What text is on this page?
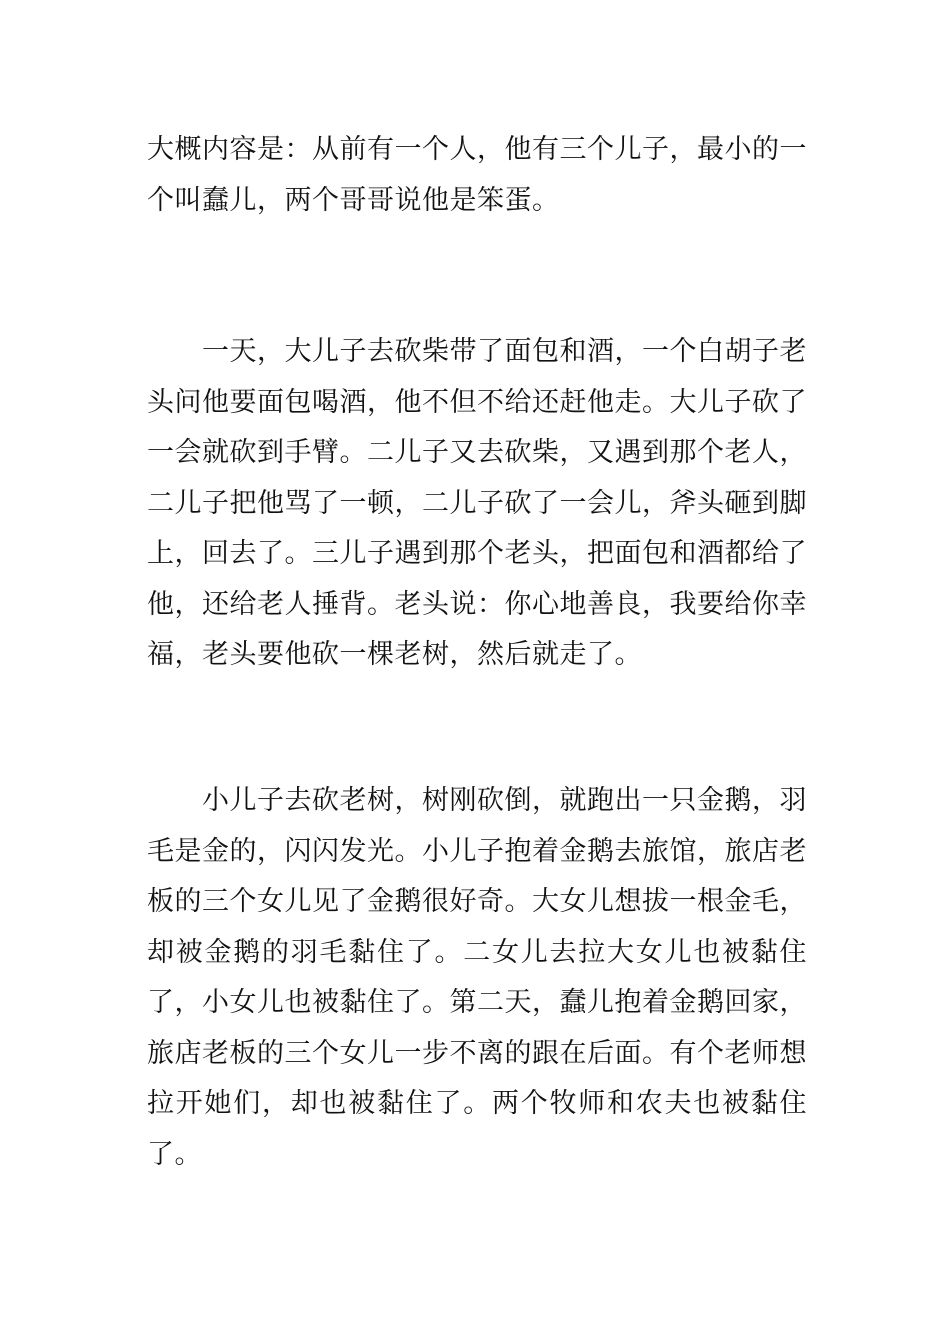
大概内容是：从前有一个人，他有三个儿子，最小的一个叫蠢儿，两个哥哥说他是笨蛋。

一天，大儿子去砍柴带了面包和酒，一个白胡子老头问他要面包喝酒，他不但不给还赶他走。大儿子砍了一会就砍到手臂。二儿子又去砍柴，又遇到那个老人，二儿子把他骂了一顿，二儿子砍了一会儿，斧头砸到脚上，回去了。三儿子遇到那个老头，把面包和酒都给了他，还给老人捶背。老头说：你心地善良，我要给你幸福，老头要他砍一棵老树，然后就走了。

小儿子去砍老树，树刚砍倒，就跑出一只金鹅，羽毛是金的，闪闪发光。小儿子抱着金鹅去旅馆，旅店老板的三个女儿见了金鹅很好奇。大女儿想拔一根金毛，却被金鹅的羽毛黏住了。二女儿去拉大女儿也被黏住了，小女儿也被黏住了。第二天，蠢儿抱着金鹅回家，旅店老板的三个女儿一步不离的跟在后面。有个老师想拉开她们，却也被黏住了。两个牧师和农夫也被黏住了。
